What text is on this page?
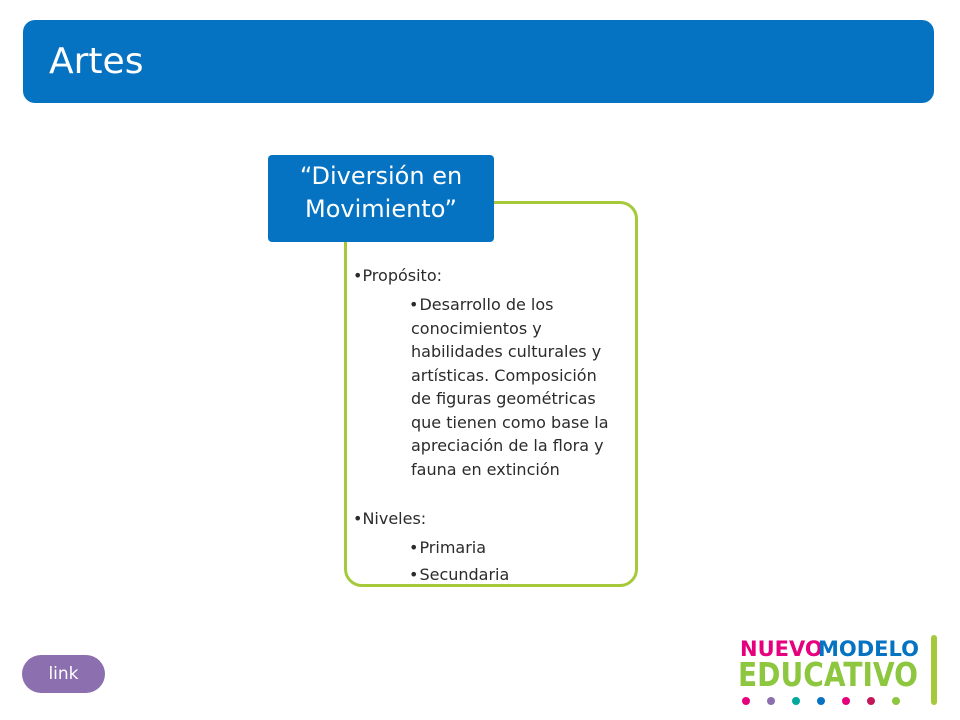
Artes
“Diversión en
Movimiento”
•Propósito:
•Desarrollo de los
conocimientos y
habilidades culturales y
artísticas. Composición
de figuras geométricas
que tienen como base la
apreciación de la flora y
fauna en extinción
•Niveles:
•Primaria
•Secundaria
link
NUEVO
MODELO
EDUCATIVO
